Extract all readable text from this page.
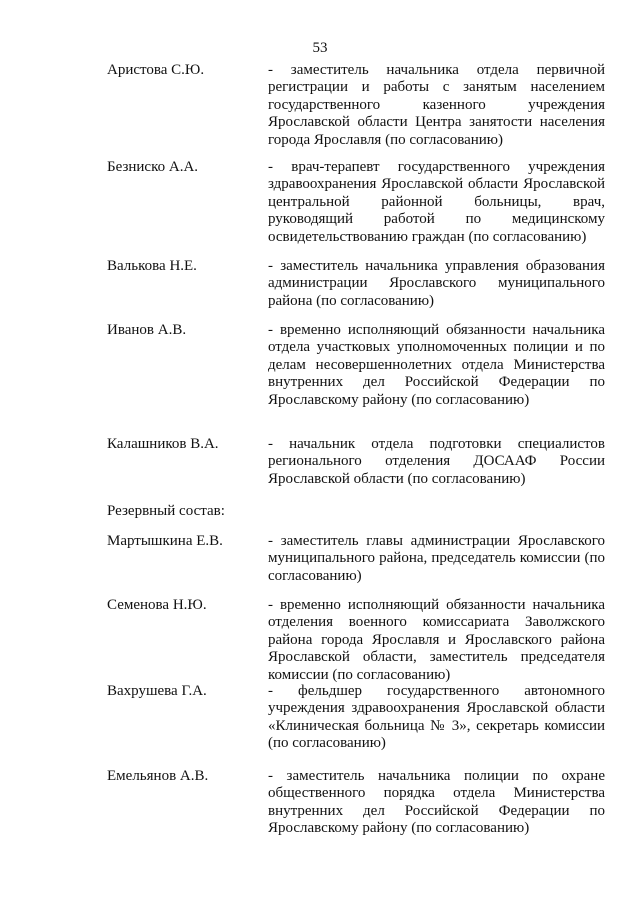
53
Аристова С.Ю.	- заместитель начальника отдела первичной регистрации и работы с занятым населением государственного казенного учреждения Ярославской области Центра занятости населения города Ярославля (по согласованию)
Безниско А.А.	- врач-терапевт государственного учреждения здравоохранения Ярославской области Ярославской центральной районной больницы, врач, руководящий работой по медицинскому освидетельствованию граждан (по согласованию)
Валькова Н.Е.	- заместитель начальника управления образования администрации Ярославского муниципального района (по согласованию)
Иванов А.В.	- временно исполняющий обязанности начальника отдела участковых уполномоченных полиции и по делам несовершеннолетних отдела Министерства внутренних дел Российской Федерации по Ярославскому району (по согласованию)
Калашников В.А.	- начальник отдела подготовки специалистов регионального отделения ДОСААФ России Ярославской области (по согласованию)
Резервный состав:
Мартышкина Е.В.	- заместитель главы администрации Ярославского муниципального района, председатель комиссии (по согласованию)
Семенова Н.Ю.	- временно исполняющий обязанности начальника отделения военного комиссариата Заволжского района города Ярославля и Ярославского района Ярославской области, заместитель председателя комиссии (по согласованию)
Вахрушева Г.А.	- фельдшер государственного автономного учреждения здравоохранения Ярославской области «Клиническая больница № 3», секретарь комиссии (по согласованию)
Емельянов А.В.	- заместитель начальника полиции по охране общественного порядка отдела Министерства внутренних дел Российской Федерации по Ярославскому району (по согласованию)
